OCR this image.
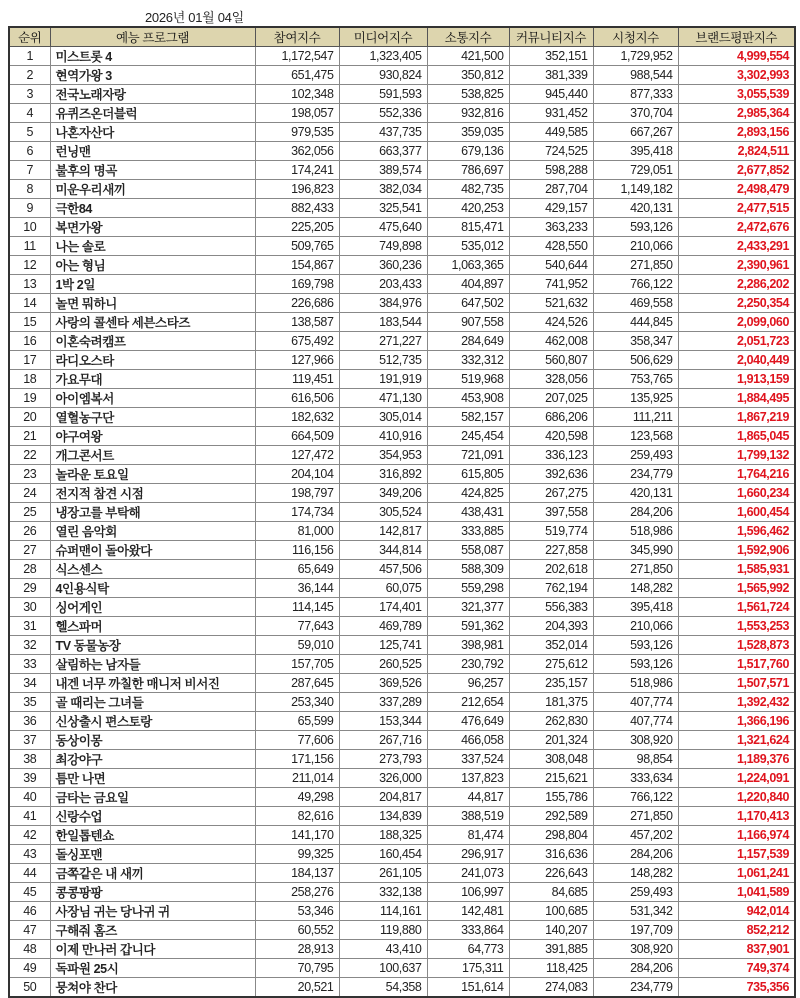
2026년 01월 04일
순위	예능 프로그램	참여지수	미디어지수	소통지수	커뮤니티지수	시청지수	브랜드평판지수
1	미스트롯 4	1,172,547	1,323,405	421,500	352,151	1,729,952	4,999,554
2	현역가왕 3	651,475	930,824	350,812	381,339	988,544	3,302,993
3	전국노래자랑	102,348	591,593	538,825	945,440	877,333	3,055,539
4	유퀴즈온더블럭	198,057	552,336	932,816	931,452	370,704	2,985,364
5	나혼자산다	979,535	437,735	359,035	449,585	667,267	2,893,156
6	런닝맨	362,056	663,377	679,136	724,525	395,418	2,824,511
7	불후의 명곡	174,241	389,574	786,697	598,288	729,051	2,677,852
8	미운우리새끼	196,823	382,034	482,735	287,704	1,149,182	2,498,479
9	극한84	882,433	325,541	420,253	429,157	420,131	2,477,515
10	복면가왕	225,205	475,640	815,471	363,233	593,126	2,472,676
11	나는 솔로	509,765	749,898	535,012	428,550	210,066	2,433,291
12	아는 형님	154,867	360,236	1,063,365	540,644	271,850	2,390,961
13	1박 2일	169,798	203,433	404,897	741,952	766,122	2,286,202
14	놀면 뭐하니	226,686	384,976	647,502	521,632	469,558	2,250,354
15	사랑의 콜센타 세븐스타즈	138,587	183,544	907,558	424,526	444,845	2,099,060
16	이혼숙려캠프	675,492	271,227	284,649	462,008	358,347	2,051,723
17	라디오스타	127,966	512,735	332,312	560,807	506,629	2,040,449
18	가요무대	119,451	191,919	519,968	328,056	753,765	1,913,159
19	아이엠복서	616,506	471,130	453,908	207,025	135,925	1,884,495
20	열혈농구단	182,632	305,014	582,157	686,206	111,211	1,867,219
21	야구여왕	664,509	410,916	245,454	420,598	123,568	1,865,045
22	개그콘서트	127,472	354,953	721,091	336,123	259,493	1,799,132
23	놀라운 토요일	204,104	316,892	615,805	392,636	234,779	1,764,216
24	전지적 참견 시점	198,797	349,206	424,825	267,275	420,131	1,660,234
25	냉장고를 부탁해	174,734	305,524	438,431	397,558	284,206	1,600,454
26	열린 음악회	81,000	142,817	333,885	519,774	518,986	1,596,462
27	슈퍼맨이 돌아왔다	116,156	344,814	558,087	227,858	345,990	1,592,906
28	식스센스	65,649	457,506	588,309	202,618	271,850	1,585,931
29	4인용식탁	36,144	60,075	559,298	762,194	148,282	1,565,992
30	싱어게인	114,145	174,401	321,377	556,383	395,418	1,561,724
31	헬스파머	77,643	469,789	591,362	204,393	210,066	1,553,253
32	TV 동물농장	59,010	125,741	398,981	352,014	593,126	1,528,873
33	살림하는 남자들	157,705	260,525	230,792	275,612	593,126	1,517,760
34	내겐 너무 까칠한 매니저 비서진	287,645	369,526	96,257	235,157	518,986	1,507,571
35	골 때리는 그녀들	253,340	337,289	212,654	181,375	407,774	1,392,432
36	신상출시 편스토랑	65,599	153,344	476,649	262,830	407,774	1,366,196
37	동상이몽	77,606	267,716	466,058	201,324	308,920	1,321,624
38	최강야구	171,156	273,793	337,524	308,048	98,854	1,189,376
39	틈만 나면	211,014	326,000	137,823	215,621	333,634	1,224,091
40	금타는 금요일	49,298	204,817	44,817	155,786	766,122	1,220,840
41	신랑수업	82,616	134,839	388,519	292,589	271,850	1,170,413
42	한일톱텐쇼	141,170	188,325	81,474	298,804	457,202	1,166,974
43	돌싱포맨	99,325	160,454	296,917	316,636	284,206	1,157,539
44	금쪽같은 내 새끼	184,137	261,105	241,073	226,643	148,282	1,061,241
45	콩콩팡팡	258,276	332,138	106,997	84,685	259,493	1,041,589
46	사장님 귀는 당나귀 귀	53,346	114,161	142,481	100,685	531,342	942,014
47	구해줘 홈즈	60,552	119,880	333,864	140,207	197,709	852,212
48	이제 만나러 갑니다	28,913	43,410	64,773	391,885	308,920	837,901
49	독파원 25시	70,795	100,637	175,311	118,425	284,206	749,374
50	뭉쳐야 찬다	20,521	54,358	151,614	274,083	234,779	735,356
